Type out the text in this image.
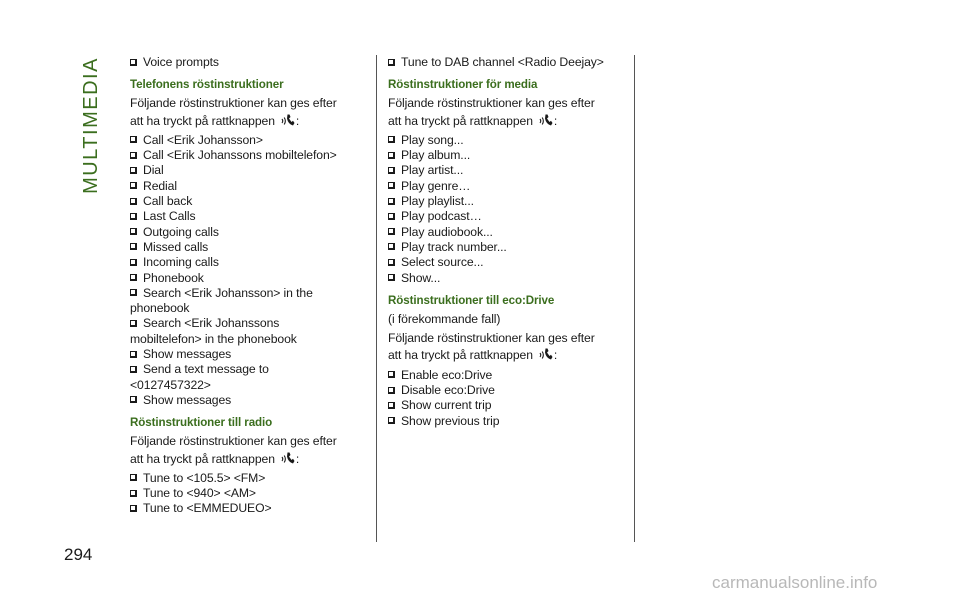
MULTIMEDIA
294
Voice prompts
Telefonens röstinstruktioner
Följande röstinstruktioner kan ges efter
att ha tryckt på rattknappen :
Call <Erik Johansson>
Call <Erik Johanssons mobiltelefon>
Dial
Redial
Call back
Last Calls
Outgoing calls
Missed calls
Incoming calls
Phonebook
Search <Erik Johansson> in the
phonebook
Search <Erik Johanssons
mobiltelefon> in the phonebook
Show messages
Send a text message to
<0127457322>
Show messages
Röstinstruktioner till radio
Följande röstinstruktioner kan ges efter
att ha tryckt på rattknappen :
Tune to <105.5> <FM>
Tune to <940> <AM>
Tune to <EMMEDUEO>
Tune to DAB channel <Radio Deejay>
Röstinstruktioner för media
Följande röstinstruktioner kan ges efter
att ha tryckt på rattknappen :
Play song...
Play album...
Play artist...
Play genre…
Play playlist...
Play podcast…
Play audiobook...
Play track number...
Select source...
Show...
Röstinstruktioner till eco:Drive
(i förekommande fall)
Följande röstinstruktioner kan ges efter
att ha tryckt på rattknappen :
Enable eco:Drive
Disable eco:Drive
Show current trip
Show previous trip
carmanualsonline.info
